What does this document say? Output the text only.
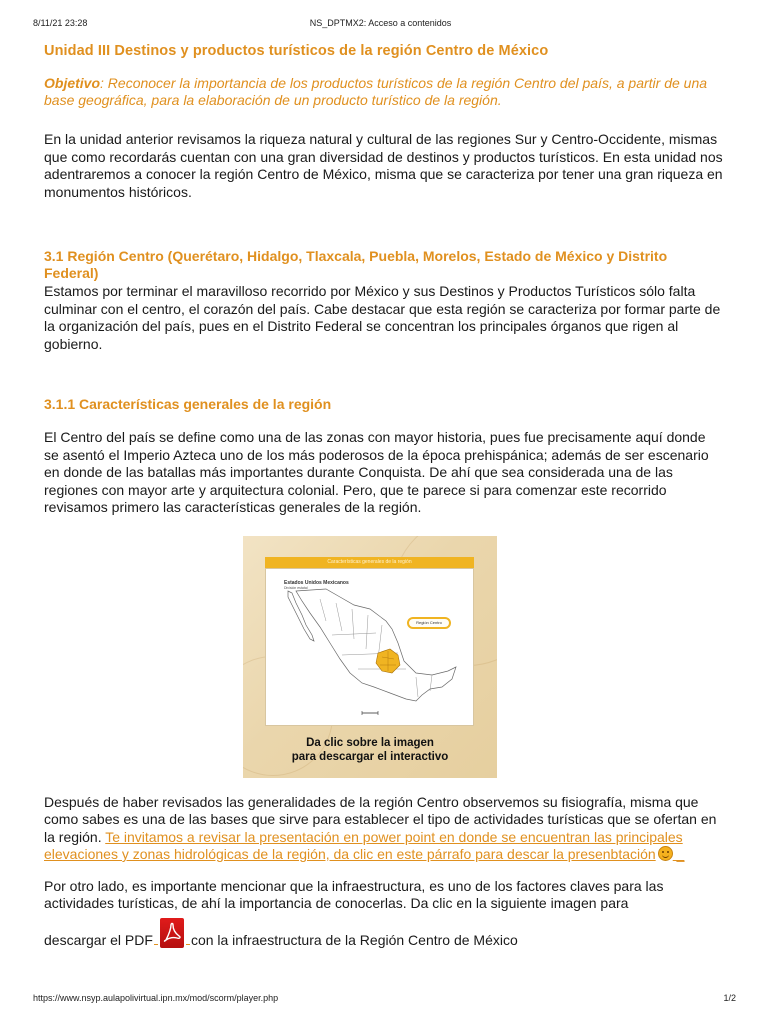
8/11/21 23:28	NS_DPTMX2: Acceso a contenidos
Unidad III Destinos y productos turísticos de la región Centro de México

Objetivo: Reconocer la importancia de los productos turísticos de la región Centro del país, a partir de una base geográfica, para la elaboración de un producto turístico de la región.

En la unidad anterior revisamos la riqueza natural y cultural de las regiones Sur y Centro-Occidente, mismas que como recordarás cuentan con una gran diversidad de destinos y productos turísticos. En esta unidad nos adentraremos a conocer la región Centro de México, misma que se caracteriza por tener una gran riqueza en monumentos históricos.

3.1 Región Centro (Querétaro, Hidalgo, Tlaxcala, Puebla, Morelos, Estado de México y Distrito Federal)

Estamos por terminar el maravilloso recorrido por México y sus Destinos y Productos Turísticos sólo falta culminar con el centro, el corazón del país. Cabe destacar que esta región se caracteriza por formar parte de la organización del país, pues en el Distrito Federal se concentran los principales órganos que rigen al gobierno.

3.1.1 Características generales de la región

El Centro del país se define como una de las zonas con mayor historia, pues fue precisamente aquí donde se asentó el Imperio Azteca uno de los más poderosos de la época prehispánica; además de ser escenario en donde de las batallas más importantes durante Conquista. De ahí que sea considerada una de las regiones con mayor arte y arquitectura colonial. Pero, que te parece si para comenzar este recorrido revisamos primero las características generales de la región.

Características generales de la región
Estados Unidos Mexicanos
División estatal
Región Centro
Da clic sobre la imagen
para descargar el interactivo

Después de haber revisados las generalidades de la región Centro observemos su fisiografía, misma que como sabes es una de las bases que sirve para establecer el tipo de actividades turísticas que se ofertan en la región. Te invitamos a revisar la presentación en power point en donde se encuentran las principales elevaciones y zonas hidrológicas de la región, da clic en este párrafo para descar la presenbtación _

Por otro lado, es importante mencionar que la infraestructura, es uno de los factores claves para las actividades turísticas, de ahí la importancia de conocerlas. Da clic en la siguiente imagen para
descargar el PDF	con la infraestructura de la Región Centro de México

https://www.nsyp.aulapolivirtual.ipn.mx/mod/scorm/player.php	1/2
